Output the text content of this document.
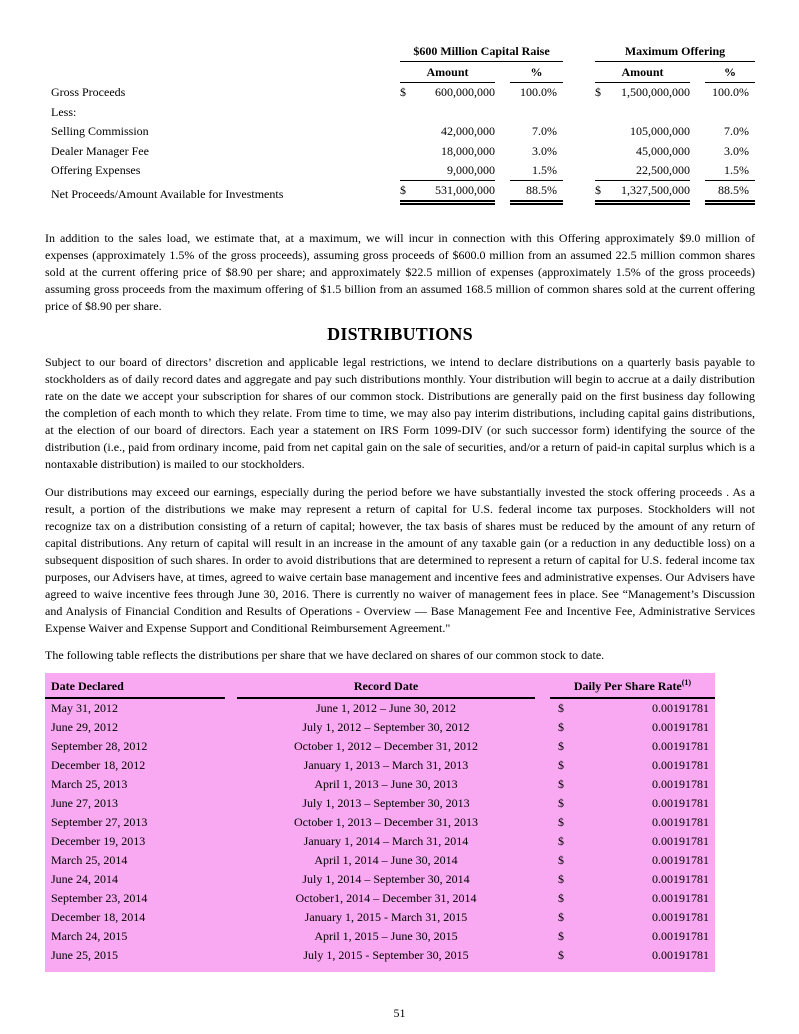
$600 Million Capital Raise	Maximum Offering
Amount	%	Amount	%
Gross Proceeds	$	600,000,000	100.0%	$	1,500,000,000	100.0%
Less:
Selling Commission	42,000,000	7.0%	105,000,000	7.0%
Dealer Manager Fee	18,000,000	3.0%	45,000,000	3.0%
Offering Expenses	9,000,000	1.5%	22,500,000	1.5%
Net Proceeds/Amount Available for Investments	$	531,000,000	88.5%	$	1,327,500,000	88.5%

In addition to the sales load, we estimate that, at a maximum, we will incur in connection with this Offering approximately $9.0 million of expenses (approximately 1.5% of the gross proceeds), assuming gross proceeds of $600.0 million from an assumed 22.5 million common shares sold at the current offering price of $8.90 per share; and approximately $22.5 million of expenses (approximately 1.5% of the gross proceeds) assuming gross proceeds from the maximum offering of $1.5 billion from an assumed 168.5 million of common shares sold at the current offering price of $8.90 per share.

DISTRIBUTIONS

Subject to our board of directors’ discretion and applicable legal restrictions, we intend to declare distributions on a quarterly basis payable to stockholders as of daily record dates and aggregate and pay such distributions monthly. Your distribution will begin to accrue at a daily distribution rate on the date we accept your subscription for shares of our common stock. Distributions are generally paid on the first business day following the completion of each month to which they relate. From time to time, we may also pay interim distributions, including capital gains distributions, at the election of our board of directors. Each year a statement on IRS Form 1099-DIV (or such successor form) identifying the source of the distribution (i.e., paid from ordinary income, paid from net capital gain on the sale of securities, and/or a return of paid-in capital surplus which is a nontaxable distribution) is mailed to our stockholders.

Our distributions may exceed our earnings, especially during the period before we have substantially invested the stock offering proceeds . As a result, a portion of the distributions we make may represent a return of capital for U.S. federal income tax purposes. Stockholders will not recognize tax on a distribution consisting of a return of capital; however, the tax basis of shares must be reduced by the amount of any return of capital distributions. Any return of capital will result in an increase in the amount of any taxable gain (or a reduction in any deductible loss) on a subsequent disposition of such shares. In order to avoid distributions that are determined to represent a return of capital for U.S. federal income tax purposes, our Advisers have, at times, agreed to waive certain base management and incentive fees and administrative expenses. Our Advisers have agreed to waive incentive fees through June 30, 2016. There is currently no waiver of management fees in place. See “Management’s Discussion and Analysis of Financial Condition and Results of Operations - Overview — Base Management Fee and Incentive Fee, Administrative Services Expense Waiver and Expense Support and Conditional Reimbursement Agreement."

The following table reflects the distributions per share that we have declared on shares of our common stock to date.

Date Declared	Record Date	Daily Per Share Rate$^{(1)}$
May 31, 2012	June 1, 2012 – June 30, 2012	$	0.00191781
June 29, 2012	July 1, 2012 – September 30, 2012	$	0.00191781
September 28, 2012	October 1, 2012 – December 31, 2012	$	0.00191781
December 18, 2012	January 1, 2013 – March 31, 2013	$	0.00191781
March 25, 2013	April 1, 2013 – June 30, 2013	$	0.00191781
June 27, 2013	July 1, 2013 – September 30, 2013	$	0.00191781
September 27, 2013	October 1, 2013 – December 31, 2013	$	0.00191781
December 19, 2013	January 1, 2014 – March 31, 2014	$	0.00191781
March 25, 2014	April 1, 2014 – June 30, 2014	$	0.00191781
June 24, 2014	July 1, 2014 – September 30, 2014	$	0.00191781
September 23, 2014	October1, 2014 – December 31, 2014	$	0.00191781
December 18, 2014	January 1, 2015 - March 31, 2015	$	0.00191781
March 24, 2015	April 1, 2015 – June 30, 2015	$	0.00191781
June 25, 2015	July 1, 2015 - September 30, 2015	$	0.00191781
51
